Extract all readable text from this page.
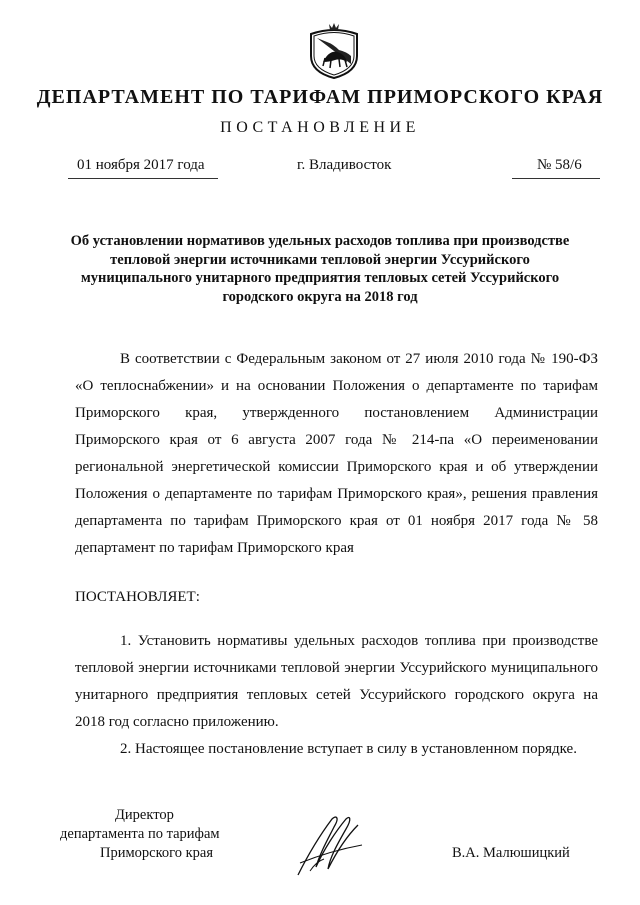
ДЕПАРТАМЕНТ ПО ТАРИФАМ ПРИМОРСКОГО КРАЯ
ПОСТАНОВЛЕНИЕ
01 ноября 2017 года	г. Владивосток	№ 58/6
Об установлении нормативов удельных расходов топлива при производстве тепловой энергии источниками тепловой энергии Уссурийского муниципального унитарного предприятия тепловых сетей Уссурийского городского округа на 2018 год

В соответствии с Федеральным законом от 27 июля 2010 года № 190-ФЗ «О теплоснабжении» и на основании Положения о департаменте по тарифам Приморского края, утвержденного постановлением Администрации Приморского края от 6 августа 2007 года № 214-па «О переименовании региональной энергетической комиссии Приморского края и об утверждении Положения о департаменте по тарифам Приморского края», решения правления департамента по тарифам Приморского края от 01 ноября 2017 года № 58 департамент по тарифам Приморского края

ПОСТАНОВЛЯЕТ:

1. Установить нормативы удельных расходов топлива при производстве тепловой энергии источниками тепловой энергии Уссурийского муниципального унитарного предприятия тепловых сетей Уссурийского городского округа на 2018 год согласно приложению.

2. Настоящее постановление вступает в силу в установленном порядке.

Директор
департамента по тарифам
Приморского края	В.А. Малюшицкий
